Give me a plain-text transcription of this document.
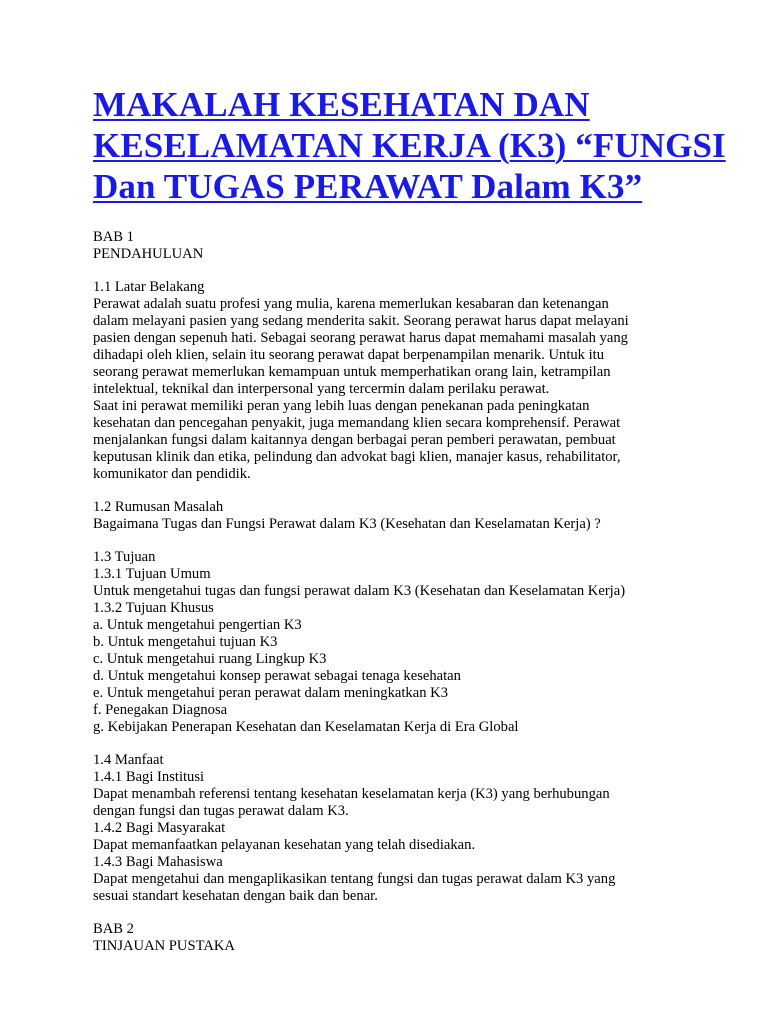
MAKALAH KESEHATAN DAN
KESELAMATAN KERJA (K3) “FUNGSI
Dan TUGAS PERAWAT Dalam K3”
BAB 1
PENDAHULUAN
1.1 Latar Belakang
Perawat adalah suatu profesi yang mulia, karena memerlukan kesabaran dan ketenangan
dalam melayani pasien yang sedang menderita sakit. Seorang perawat harus dapat melayani
pasien dengan sepenuh hati. Sebagai seorang perawat harus dapat memahami masalah yang
dihadapi oleh klien, selain itu seorang perawat dapat berpenampilan menarik. Untuk itu
seorang perawat memerlukan kemampuan untuk memperhatikan orang lain, ketrampilan
intelektual, teknikal dan interpersonal yang tercermin dalam perilaku perawat.
Saat ini perawat memiliki peran yang lebih luas dengan penekanan pada peningkatan
kesehatan dan pencegahan penyakit, juga memandang klien secara komprehensif. Perawat
menjalankan fungsi dalam kaitannya dengan berbagai peran pemberi perawatan, pembuat
keputusan klinik dan etika, pelindung dan advokat bagi klien, manajer kasus, rehabilitator,
komunikator dan pendidik.
1.2 Rumusan Masalah
Bagaimana Tugas dan Fungsi Perawat dalam K3 (Kesehatan dan Keselamatan Kerja) ?
1.3 Tujuan
1.3.1 Tujuan Umum
Untuk mengetahui tugas dan fungsi perawat dalam K3 (Kesehatan dan Keselamatan Kerja)
1.3.2 Tujuan Khusus
a. Untuk mengetahui pengertian K3
b. Untuk mengetahui tujuan K3
c. Untuk mengetahui ruang Lingkup K3
d. Untuk mengetahui konsep perawat sebagai tenaga kesehatan
e. Untuk mengetahui peran perawat dalam meningkatkan K3
f. Penegakan Diagnosa
g. Kebijakan Penerapan Kesehatan dan Keselamatan Kerja di Era Global
1.4 Manfaat
1.4.1 Bagi Institusi
Dapat menambah referensi tentang kesehatan keselamatan kerja (K3) yang berhubungan
dengan fungsi dan tugas perawat dalam K3.
1.4.2 Bagi Masyarakat
Dapat memanfaatkan pelayanan kesehatan yang telah disediakan.
1.4.3 Bagi Mahasiswa
Dapat mengetahui dan mengaplikasikan tentang fungsi dan tugas perawat dalam K3 yang
sesuai standart kesehatan dengan baik dan benar.
BAB 2
TINJAUAN PUSTAKA
